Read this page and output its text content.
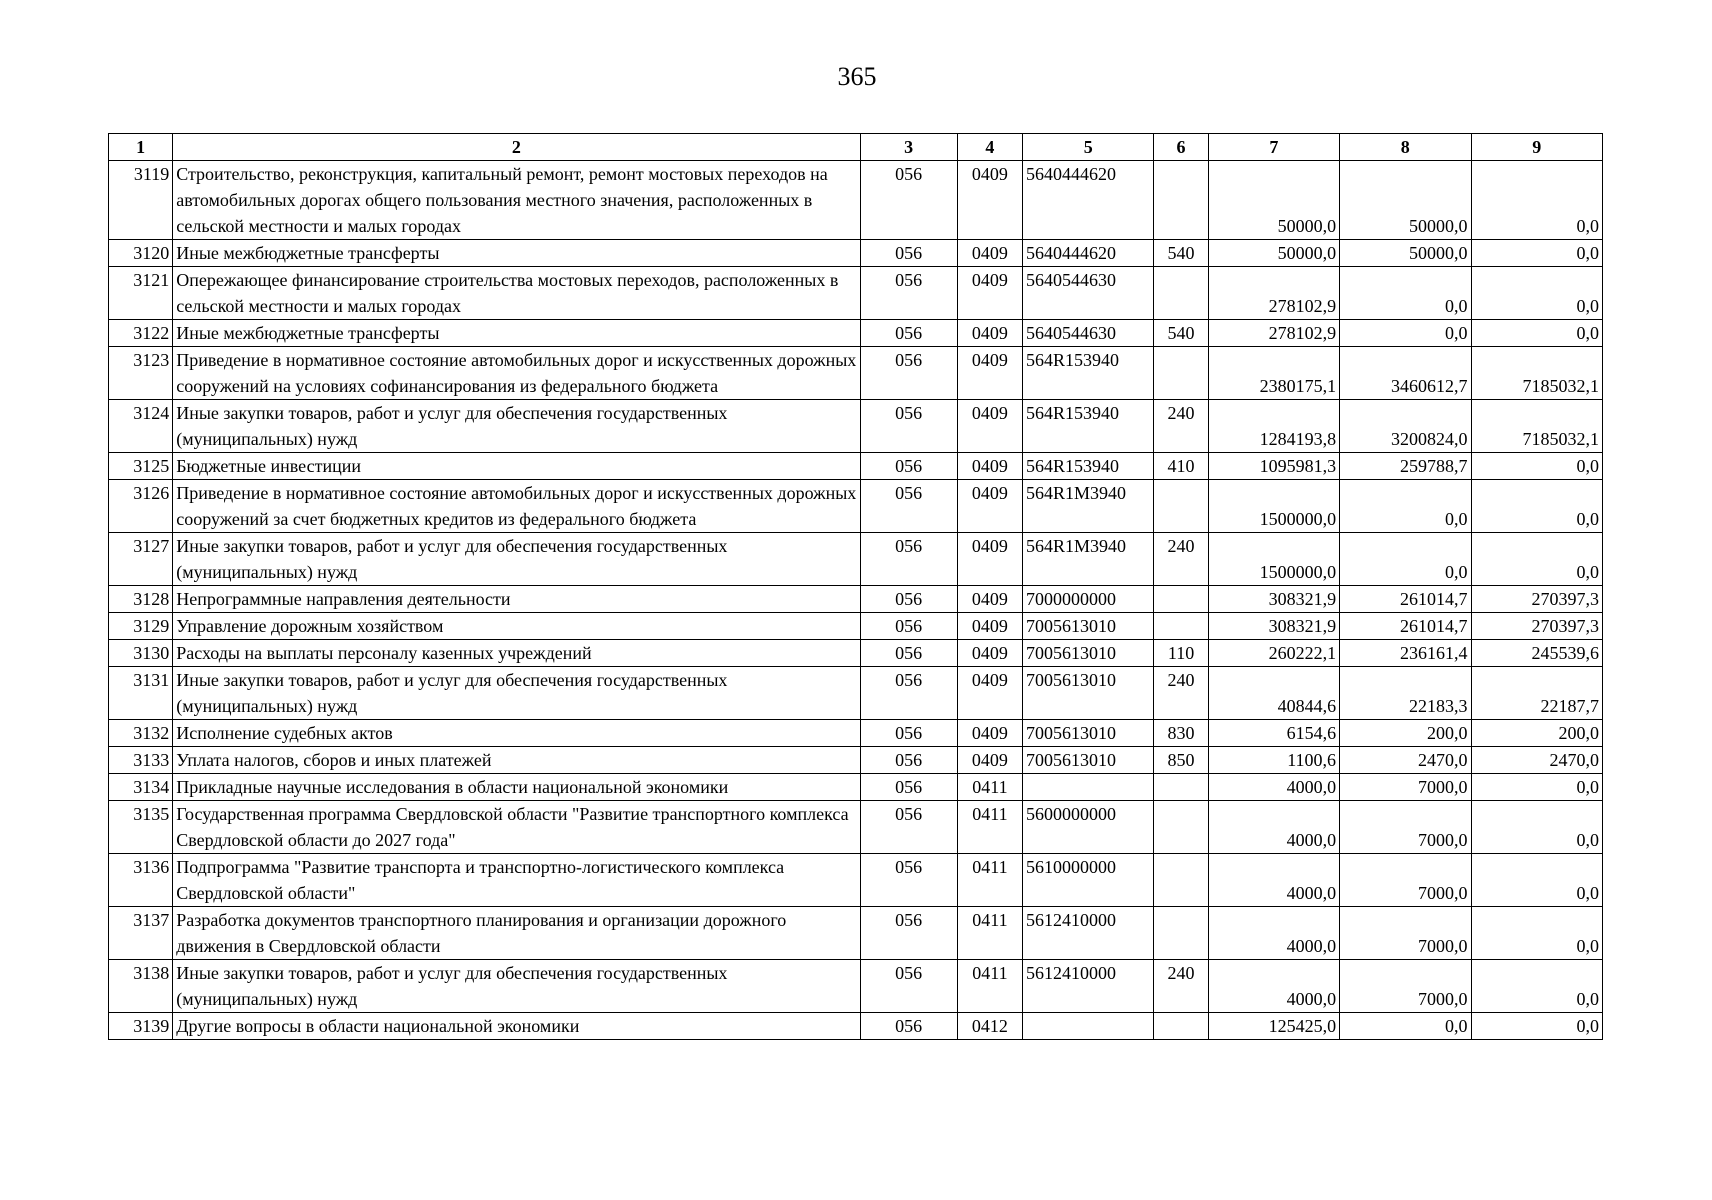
365
1	2	3	4	5	6	7	8	9
3119	Строительство, реконструкция, капитальный ремонт, ремонт мостовых переходов на автомобильных дорогах общего пользования местного значения, расположенных в сельской местности и малых городах	056	0409	5640444620		50000,0	50000,0	0,0
3120	Иные межбюджетные трансферты	056	0409	5640444620	540	50000,0	50000,0	0,0
3121	Опережающее финансирование строительства мостовых переходов, расположенных в сельской местности и малых городах	056	0409	5640544630		278102,9	0,0	0,0
3122	Иные межбюджетные трансферты	056	0409	5640544630	540	278102,9	0,0	0,0
3123	Приведение в нормативное состояние автомобильных дорог и искусственных дорожных сооружений на условиях софинансирования из федерального бюджета	056	0409	564R153940		2380175,1	3460612,7	7185032,1
3124	Иные закупки товаров, работ и услуг для обеспечения государственных (муниципальных) нужд	056	0409	564R153940	240	1284193,8	3200824,0	7185032,1
3125	Бюджетные инвестиции	056	0409	564R153940	410	1095981,3	259788,7	0,0
3126	Приведение в нормативное состояние автомобильных дорог и искусственных дорожных сооружений за счет бюджетных кредитов из федерального бюджета	056	0409	564R1M3940		1500000,0	0,0	0,0
3127	Иные закупки товаров, работ и услуг для обеспечения государственных (муниципальных) нужд	056	0409	564R1M3940	240	1500000,0	0,0	0,0
3128	Непрограммные направления деятельности	056	0409	7000000000		308321,9	261014,7	270397,3
3129	Управление дорожным хозяйством	056	0409	7005613010		308321,9	261014,7	270397,3
3130	Расходы на выплаты персоналу казенных учреждений	056	0409	7005613010	110	260222,1	236161,4	245539,6
3131	Иные закупки товаров, работ и услуг для обеспечения государственных (муниципальных) нужд	056	0409	7005613010	240	40844,6	22183,3	22187,7
3132	Исполнение судебных актов	056	0409	7005613010	830	6154,6	200,0	200,0
3133	Уплата налогов, сборов и иных платежей	056	0409	7005613010	850	1100,6	2470,0	2470,0
3134	Прикладные научные исследования в области национальной экономики	056	0411			4000,0	7000,0	0,0
3135	Государственная программа Свердловской области "Развитие транспортного комплекса Свердловской области до 2027 года"	056	0411	5600000000		4000,0	7000,0	0,0
3136	Подпрограмма "Развитие транспорта и транспортно-логистического комплекса Свердловской области"	056	0411	5610000000		4000,0	7000,0	0,0
3137	Разработка документов транспортного планирования и организации дорожного движения в Свердловской области	056	0411	5612410000		4000,0	7000,0	0,0
3138	Иные закупки товаров, работ и услуг для обеспечения государственных (муниципальных) нужд	056	0411	5612410000	240	4000,0	7000,0	0,0
3139	Другие вопросы в области национальной экономики	056	0412			125425,0	0,0	0,0
